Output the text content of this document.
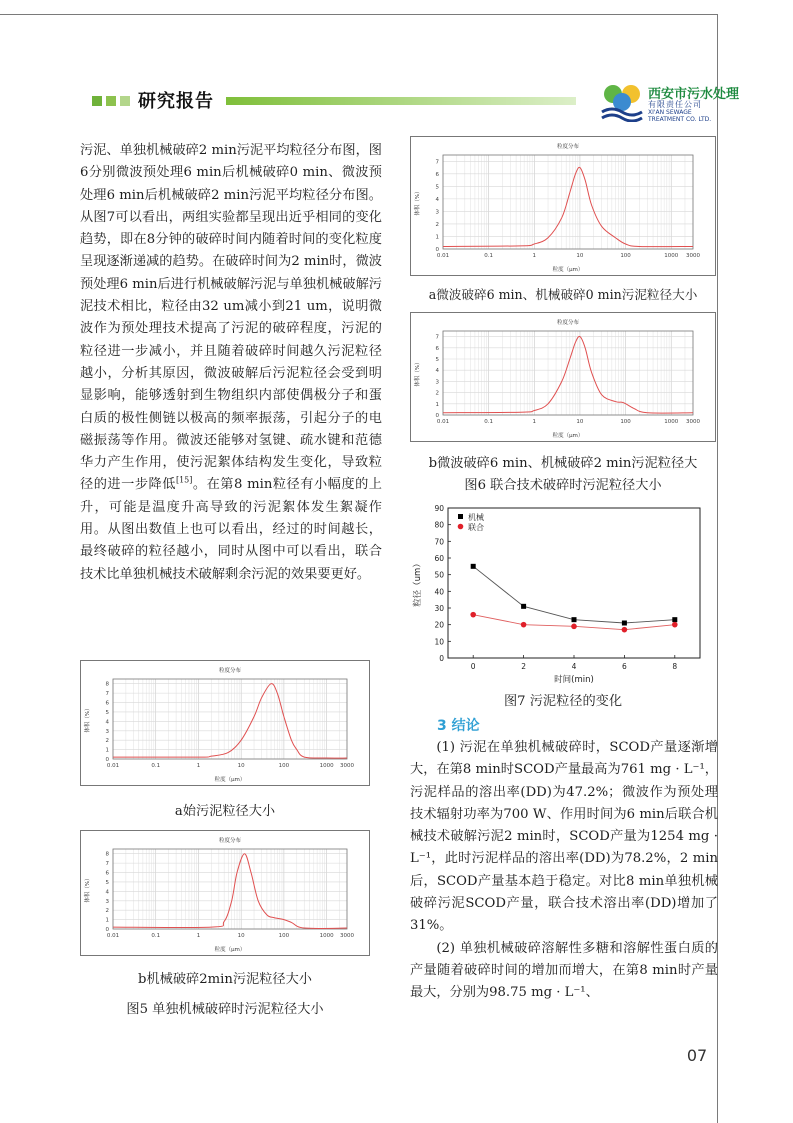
研究报告	西安市污水处理
有限责任公司
XI'AN SEWAGE
TREATMENT CO. LTD.

污泥、单独机械破碎2 min污泥平均粒径分布图，图6分别微波预处理6 min后机械破碎0 min、微波预处理6 min后机械破碎2 min污泥平均粒径分布图。从图7可以看出，两组实验都呈现出近乎相同的变化趋势，即在8分钟的破碎时间内随着时间的变化粒度呈现逐渐递减的趋势。在破碎时间为2 min时，微波预处理6 min后进行机械破解污泥与单独机械破解污泥技术相比，粒径由32 um减小到21 um，说明微波作为预处理技术提高了污泥的破碎程度，污泥的粒径进一步减小，并且随着破碎时间越久污泥粒径越小，分析其原因，微波破解后污泥粒径会受到明显影响，能够透射到生物组织内部使偶极分子和蛋白质的极性侧链以极高的频率振荡，引起分子的电磁振荡等作用。微波还能够对氢键、疏水键和范德华力产生作用，使污泥絮体结构发生变化，导致粒径的进一步降低[15]。在第8 min粒径有小幅度的上升，可能是温度升高导致的污泥絮体发生絮凝作用。从图出数值上也可以看出，经过的时间越长，最终破碎的粒径越小，同时从图中可以看出，联合技术比单独机械技术破解剩余污泥的效果要更好。

粒度分布
0
1
2
3
4
5
6
7
8
0.01	0.1	1	10	100	1000 3000
粒度（μm）
体积（%）
a始污泥粒径大小
粒度分布
0
1
2
3
4
5
6
7
8
0.01	0.1	1	10	100	1000 3000
粒度（μm）
体积（%）
b机械破碎2min污泥粒径大小
图5 单独机械破碎时污泥粒径大小
粒度分布
0
1
2
3
4
5
6
7
0.01	0.1	1	10	100	1000 3000
粒度（μm）
体积（%）
a微波破碎6 min、机械破碎0 min污泥粒径大小
粒度分布
0
1
2
3
4
5
6
7
0.01	0.1	1	10	100	1000 3000
粒度（μm）
体积（%）
b微波破碎6 min、机械破碎2 min污泥粒径大
图6 联合技术破碎时污泥粒径大小
0
10
20
30
40
50
60
70
80
90
0	2	4	6	8
时间(min)
粒径（um）
机械
联合
图7 污泥粒径的变化
3 结论

(1) 污泥在单独机械破碎时，SCOD产量逐渐增大，在第8 min时SCOD产量最高为761 mg · L⁻¹，污泥样品的溶出率(DD)为47.2%；微波作为预处理技术辐射功率为700 W、作用时间为6 min后联合机械技术破解污泥2 min时，SCOD产量为1254 mg · L⁻¹，此时污泥样品的溶出率(DD)为78.2%，2 min后，SCOD产量基本趋于稳定。对比8 min单独机械破碎污泥SCOD产量，联合技术溶出率(DD)增加了31%。

(2) 单独机械破碎溶解性多糖和溶解性蛋白质的产量随着破碎时间的增加而增大，在第8 min时产量最大，分别为98.75 mg · L⁻¹、

07
